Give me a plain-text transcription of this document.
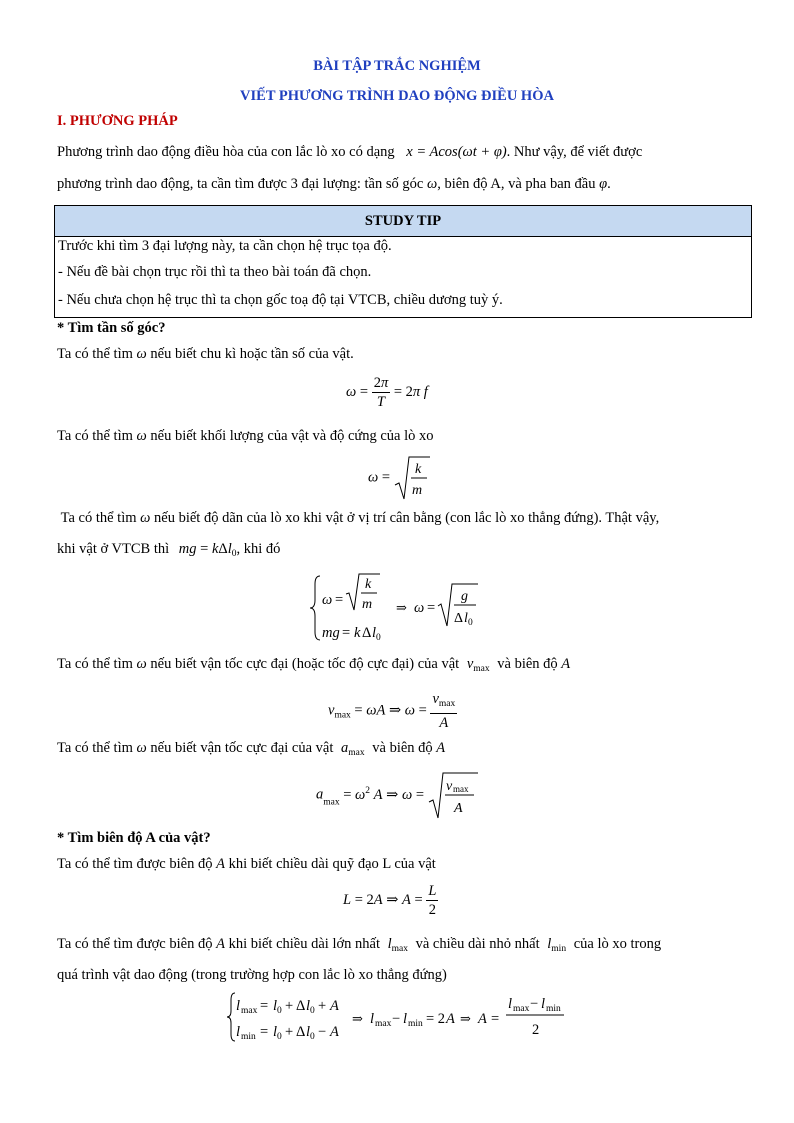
BÀI TẬP TRẮC NGHIỆM
VIẾT PHƯƠNG TRÌNH DAO ĐỘNG ĐIỀU HÒA
I. PHƯƠNG PHÁP
Phương trình dao động điều hòa của con lắc lò xo có dạng x = Acos(ωt + φ). Như vậy, để viết được
phương trình dao động, ta cần tìm được 3 đại lượng: tần số góc ω, biên độ A, và pha ban đầu φ.
STUDY TIP
Trước khi tìm 3 đại lượng này, ta cần chọn hệ trục tọa độ.
- Nếu đề bài chọn trục rồi thì ta theo bài toán đã chọn.
- Nếu chưa chọn hệ trục thì ta chọn gốc toạ độ tại VTCB, chiều dương tuỳ ý.
* Tìm tần số góc?
Ta có thể tìm ω nếu biết chu kì hoặc tần số của vật.
$\omega = \frac{2\pi}{T} = 2\pi$ f
Ta có thể tìm ω nếu biết khối lượng của vật và độ cứng của lò xo
ω = k
m
Ta có thể tìm ω nếu biết độ dãn của lò xo khi vật ở vị trí cân bằng (con lắc lò xo thẳng đứng). Thật vậy,
khi vật ở VTCB thì mg = kΔl$_0$, khi đó
ω =
k
m
mg = k Δ l 0
⇒ ω =
g
Δ l 0
Ta có thể tìm ω nếu biết vận tốc cực đại (hoặc tốc độ cực đại) của vật $v_{max}$ và biên độ A
$v_{max} = \omega A$ ⇒ $\omega = \frac{v_{max}}{A}$
Ta có thể tìm ω nếu biết vận tốc cực đại của vật $a_{max}$ và biên độ A
$a_{max} = \omega^2$ A ⇒ ω =
v max
A
* Tìm biên độ A của vật?
Ta có thể tìm được biên độ A khi biết chiều dài quỹ đạo L của vật
L = 2A ⇒ $A = \frac{L}{2}$
Ta có thể tìm được biên độ A khi biết chiều dài lớn nhất $l_{max}$ và chiều dài nhỏ nhất $l_{min}$ của lò xo trong
quá trình vật dao động (trong trường hợp con lắc lò xo thẳng đứng)
l max = l 0 + Δ l 0 + A
l min = l 0 + Δ l 0 − A
⇒ l max − l min = 2 A ⇒ A =
l max − l min
2
